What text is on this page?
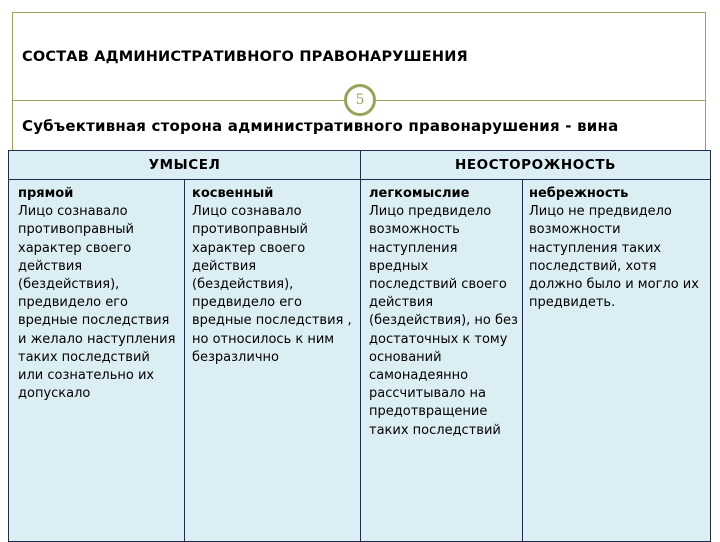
СОСТАВ АДМИНИСТРАТИВНОГО ПРАВОНАРУШЕНИЯ
5
Субъективная сторона административного правонарушения - вина
УМЫСЕЛ	НЕОСТОРОЖНОСТЬ
прямой
Лицо сознавало противоправный характер своего действия (бездействия), предвидело его вредные последствия и желало наступления таких последствий или сознательно их допускало
косвенный
Лицо сознавало противоправный характер своего действия (бездействия), предвидело его вредные последствия , но относилось к ним безразлично
легкомыслие
Лицо предвидело возможность наступления вредных последствий своего действия (бездействия), но без достаточных к тому оснований самонадеянно рассчитывало на предотвращение таких последствий
небрежность
Лицо не предвидело возможности наступления таких последствий, хотя должно было и могло их предвидеть.
